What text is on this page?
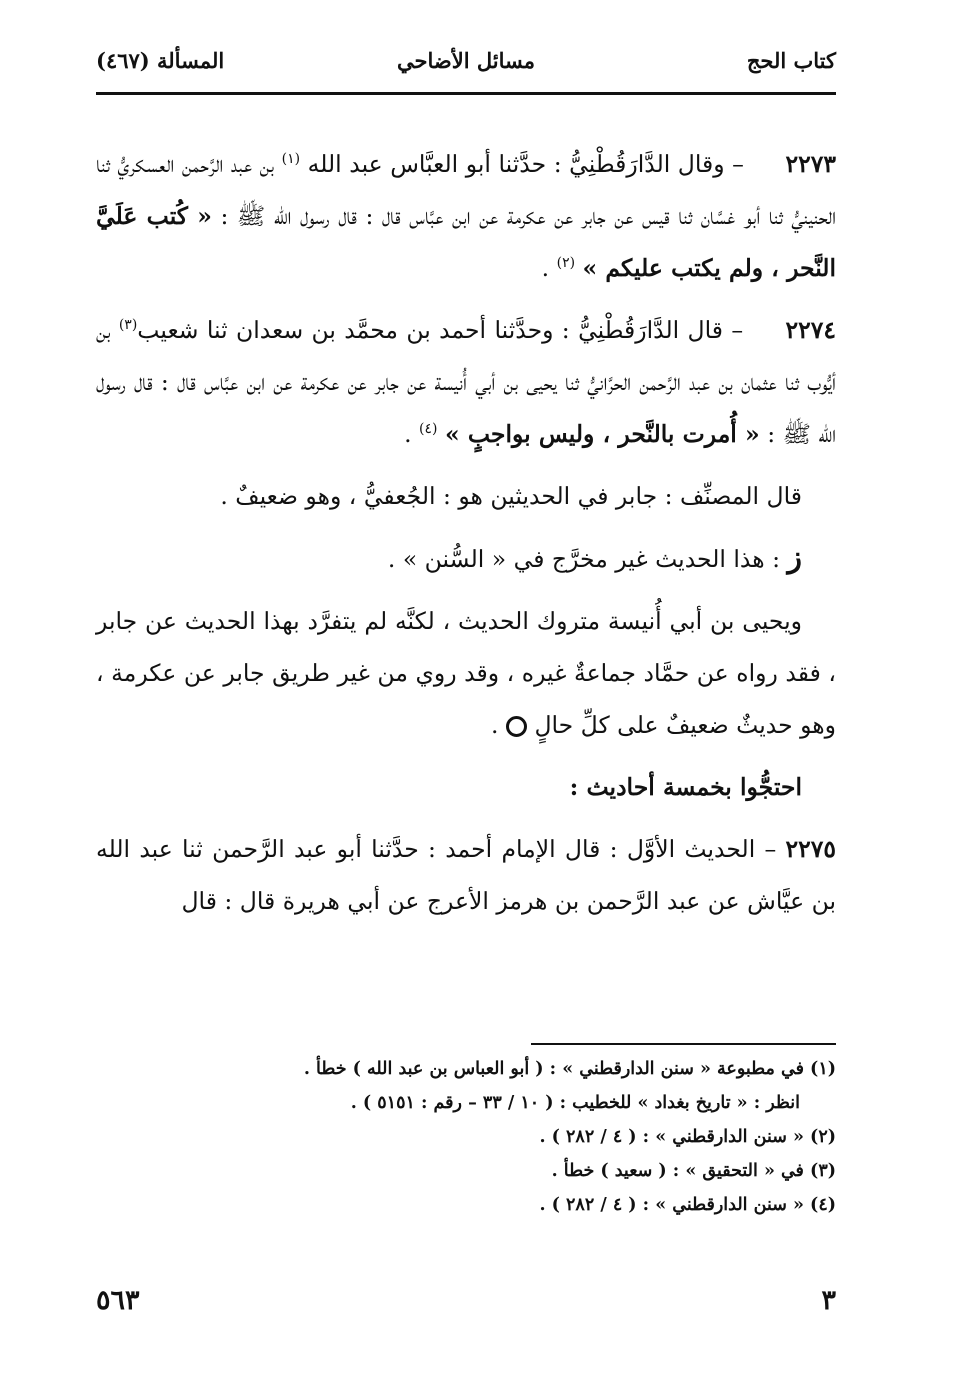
كتاب الحج
مسائل الأضاحي
المسألة (٤٦٧)

٢٢٧٣ – وقال الدَّارَقُطْنِيُّ : حدَّثنا أبو العبَّاس عبد الله $^{(١)}$ بن عبد الرَّحمن العسكريُّ ثنا الحنينيُّ ثنا أبو غسَّان ثنا قيس عن جابر عن عكرمة عن ابن عبَّاس قال : قال رسول الله ﷺ : « كُتب عَلَيَّ النَّحر ، ولم يكتب عليكم » $^{(٢)}$ .

٢٢٧٤ – قال الدَّارَقُطْنِيُّ : وحدَّثنا أحمد بن محمَّد بن سعدان ثنا شعيب$^{(٣)}$ بن أيُّوب ثنا عثمان بن عبد الرَّحمن الحرَّانيُّ ثنا يحيى بن أبي أُنيسة عن جابر عن عكرمة عن ابن عبَّاس قال : قال رسول الله ﷺ : « أُمرت بالنَّحر ، وليس بواجبٍ » $^{(٤)}$ .

قال المصنِّف : جابر في الحديثين هو : الجُعفيُّ ، وهو ضعيفٌ .

ز : هذا الحديث غير مخرَّج في « السُّنن » .

ويحيى بن أبي أُنيسة متروك الحديث ، لكنَّه لم يتفرَّد بهذا الحديث عن جابر ، فقد رواه عن حمَّاد جماعةٌ غيره ، وقد روي من غير طريق جابر عن عكرمة ، وهو حديثٌ ضعيفٌ على كلِّ حالٍ  .

احتجُّوا بخمسة أحاديث :

٢٢٧٥ – الحديث الأوَّل : قال الإمام أحمد : حدَّثنا أبو عبد الرَّحمن ثنا عبد الله بن عيَّاش عن عبد الرَّحمن بن هرمز الأعرج عن أبي هريرة قال : قال

(١) في مطبوعة « سنن الدارقطني » : ( أبو العباس بن عبد الله ) خطأ .

انظر : « تاريخ بغداد » للخطيب : ( ١٠ / ٣٣ – رقم : ٥١٥١ ) .

(٢) « سنن الدارقطني » : ( ٤ / ٢٨٢ ) .

(٣) في « التحقيق » : ( سعيد ) خطأ .

(٤) « سنن الدارقطني » : ( ٤ / ٢٨٢ ) .

٣
٥٦٣
